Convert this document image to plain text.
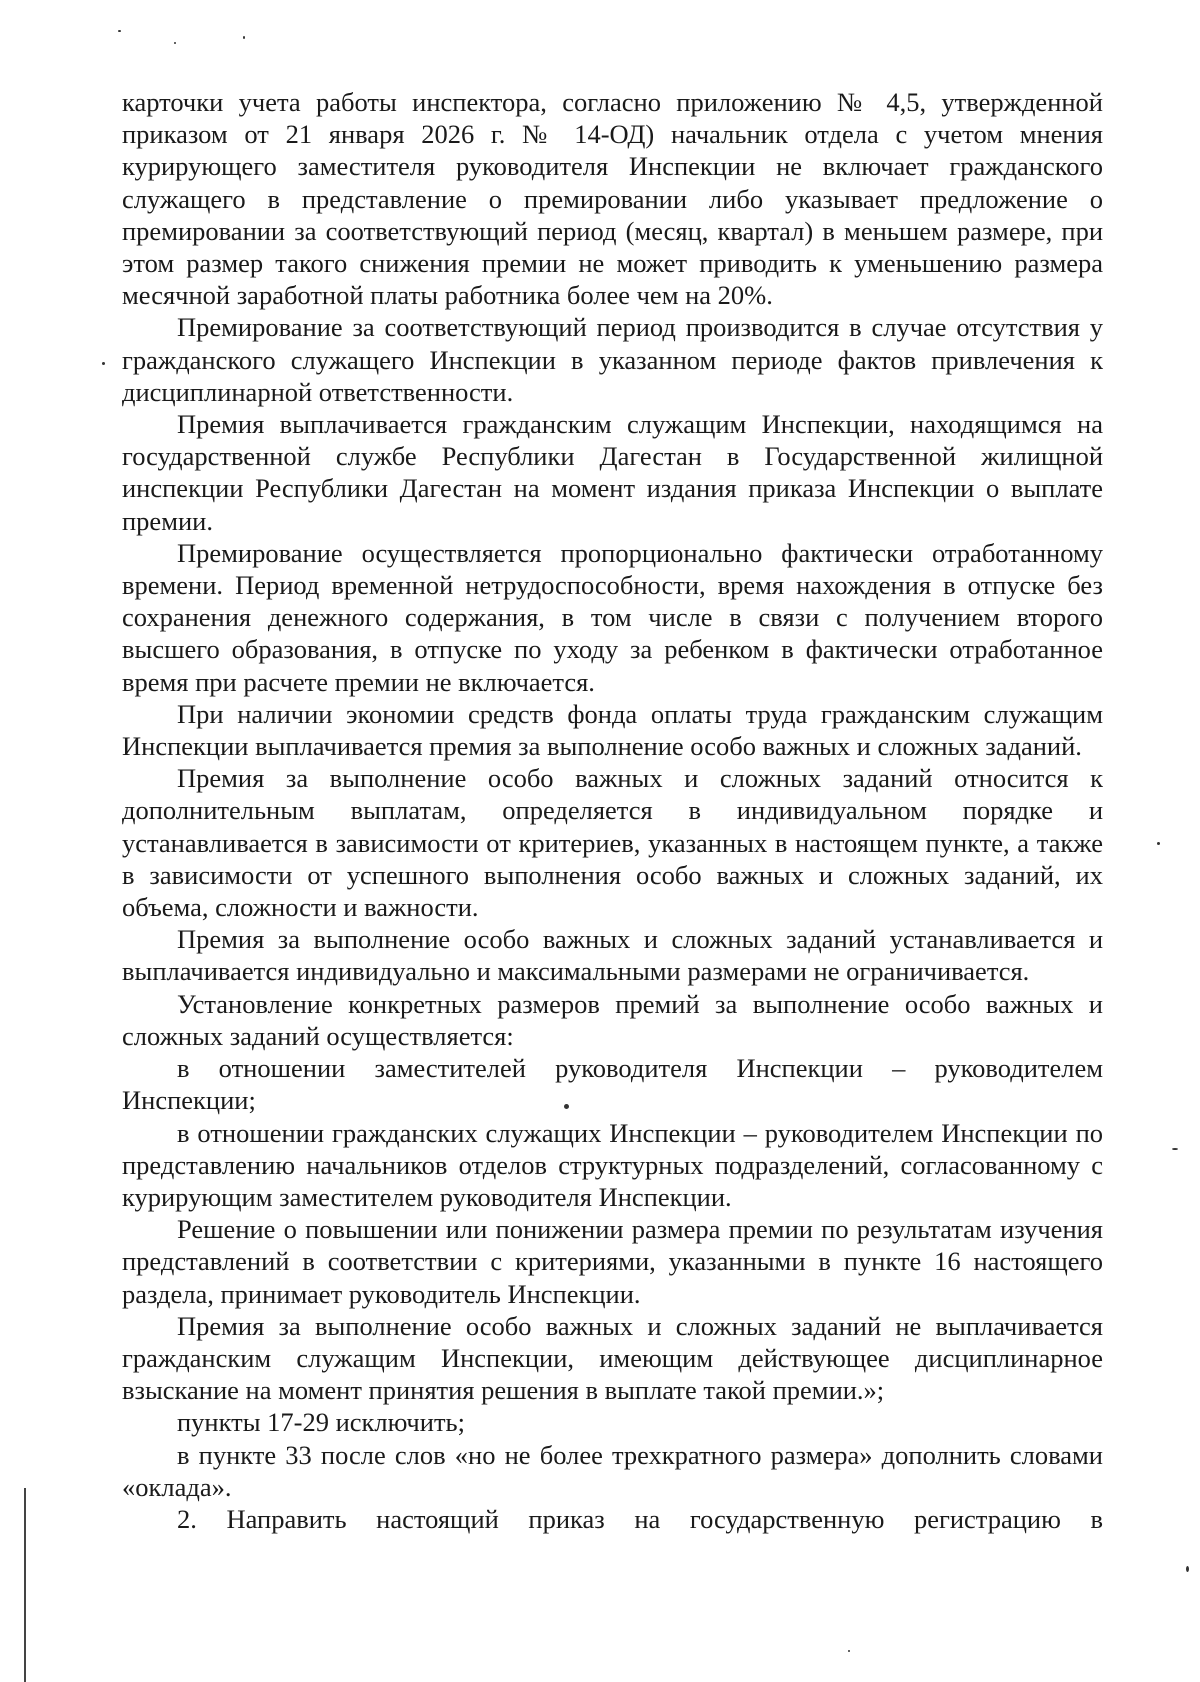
карточки учета работы инспектора, согласно приложению № 4,5, утвержденной приказом от 21 января 2026 г. № 14-ОД) начальник отдела с учетом мнения курирующего заместителя руководителя Инспекции не включает гражданского служащего в представление о премировании либо указывает предложение о премировании за соответствующий период (месяц, квартал) в меньшем размере, при этом размер такого снижения премии не может приводить к уменьшению размера месячной заработной платы работника более чем на 20%.

Премирование за соответствующий период производится в случае отсутствия у гражданского служащего Инспекции в указанном периоде фактов привлечения к дисциплинарной ответственности.

Премия выплачивается гражданским служащим Инспекции, находящимся на государственной службе Республики Дагестан в Государственной жилищной инспекции Республики Дагестан на момент издания приказа Инспекции о выплате премии.

Премирование осуществляется пропорционально фактически отработанному времени. Период временной нетрудоспособности, время нахождения в отпуске без сохранения денежного содержания, в том числе в связи с получением второго высшего образования, в отпуске по уходу за ребенком в фактически отработанное время при расчете премии не включается.

При наличии экономии средств фонда оплаты труда гражданским служащим Инспекции выплачивается премия за выполнение особо важных и сложных заданий.

Премия за выполнение особо важных и сложных заданий относится к дополнительным выплатам, определяется в индивидуальном порядке и устанавливается в зависимости от критериев, указанных в настоящем пункте, а также в зависимости от успешного выполнения особо важных и сложных заданий, их объема, сложности и важности.

Премия за выполнение особо важных и сложных заданий устанавливается и выплачивается индивидуально и максимальными размерами не ограничивается.

Установление конкретных размеров премий за выполнение особо важных и сложных заданий осуществляется:

в отношении заместителей руководителя Инспекции – руководителем Инспекции;

в отношении гражданских служащих Инспекции – руководителем Инспекции по представлению начальников отделов структурных подразделений, согласованному с курирующим заместителем руководителя Инспекции.

Решение о повышении или понижении размера премии по результатам изучения представлений в соответствии с критериями, указанными в пункте 16 настоящего раздела, принимает руководитель Инспекции.

Премия за выполнение особо важных и сложных заданий не выплачивается гражданским служащим Инспекции, имеющим действующее дисциплинарное взыскание на момент принятия решения в выплате такой премии.»;

пункты 17-29 исключить;

в пункте 33 после слов «но не более трехкратного размера» дополнить словами «оклада».

2. Направить настоящий приказ на государственную регистрацию в
